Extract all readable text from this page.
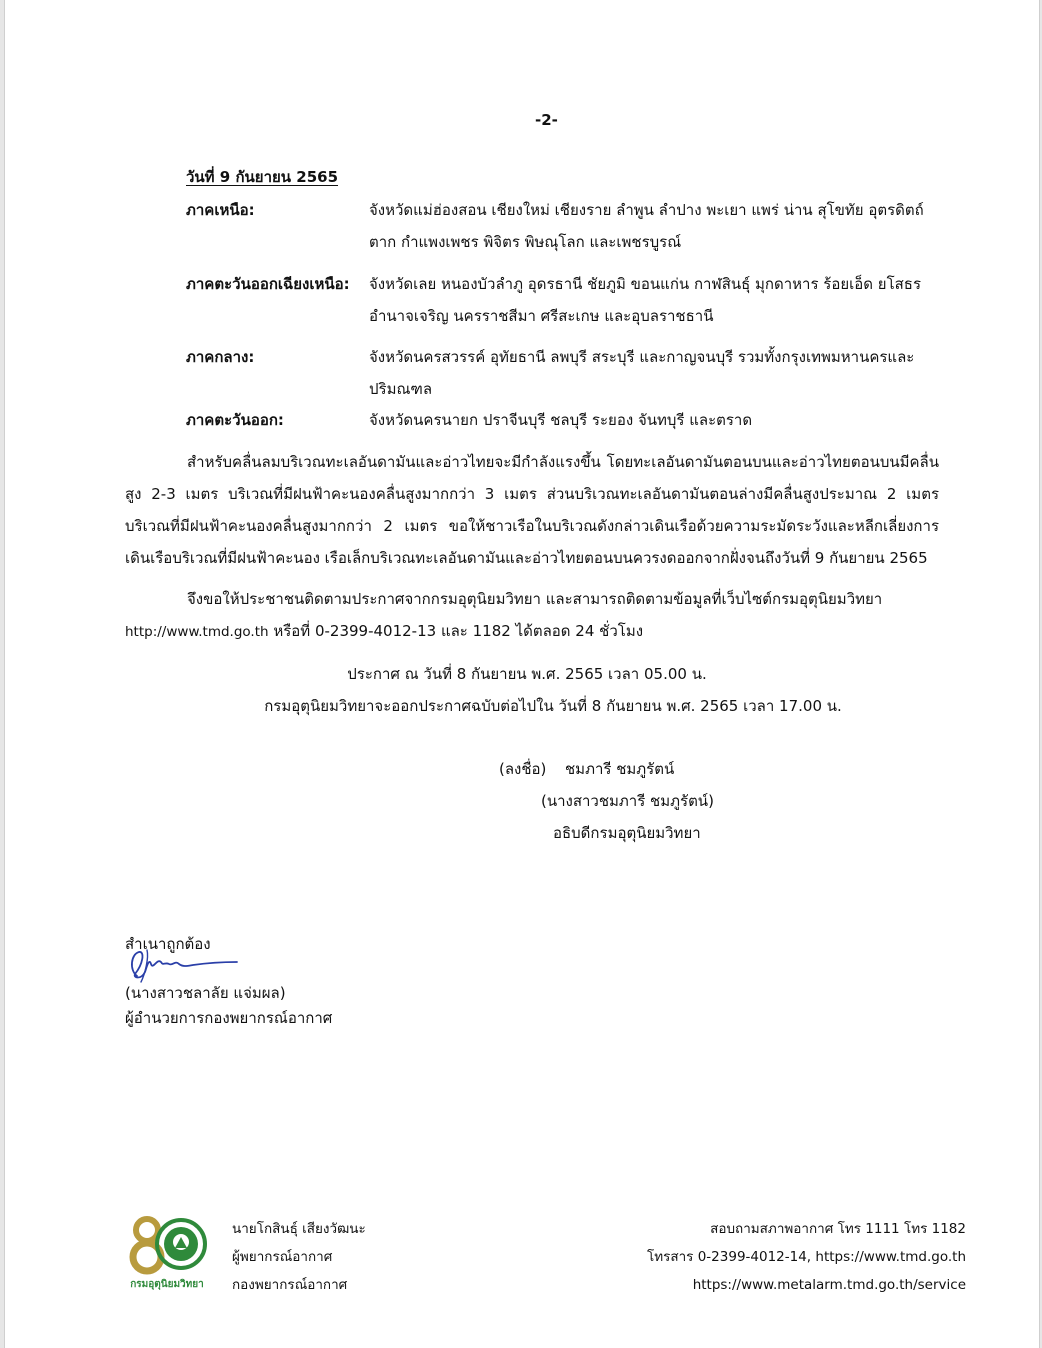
-2-
วันที่ 9 กันยายน 2565
ภาคเหนือ:	จังหวัดแม่ฮ่องสอน เชียงใหม่ เชียงราย ลำพูน ลำปาง พะเยา แพร่ น่าน สุโขทัย อุตรดิตถ์
ตาก กำแพงเพชร พิจิตร พิษณุโลก และเพชรบูรณ์
ภาคตะวันออกเฉียงเหนือ: จังหวัดเลย หนองบัวลำภู อุดรธานี ชัยภูมิ ขอนแก่น กาฬสินธุ์ มุกดาหาร ร้อยเอ็ด ยโสธร
อำนาจเจริญ นครราชสีมา ศรีสะเกษ และอุบลราชธานี
ภาคกลาง:	จังหวัดนครสวรรค์ อุทัยธานี ลพบุรี สระบุรี และกาญจนบุรี รวมทั้งกรุงเทพมหานครและ
ปริมณฑล
ภาคตะวันออก:	จังหวัดนครนายก ปราจีนบุรี ชลบุรี ระยอง จันทบุรี และตราด
สำหรับคลื่นลมบริเวณทะเลอันดามันและอ่าวไทยจะมีกำลังแรงขึ้น โดยทะเลอันดามันตอนบนและอ่าวไทยตอนบนมีคลื่นสูง 2-3 เมตร บริเวณที่มีฝนฟ้าคะนองคลื่นสูงมากกว่า 3 เมตร ส่วนบริเวณทะเลอันดามันตอนล่างมีคลื่นสูงประมาณ 2 เมตร บริเวณที่มีฝนฟ้าคะนองคลื่นสูงมากกว่า 2 เมตร ขอให้ชาวเรือในบริเวณดังกล่าวเดินเรือด้วยความระมัดระวังและหลีกเลี่ยงการเดินเรือบริเวณที่มีฝนฟ้าคะนอง เรือเล็กบริเวณทะเลอันดามันและอ่าวไทยตอนบนควรงดออกจากฝั่งจนถึงวันที่ 9 กันยายน 2565
จึงขอให้ประชาชนติดตามประกาศจากกรมอุตุนิยมวิทยา และสามารถติดตามข้อมูลที่เว็บไซต์กรมอุตุนิยมวิทยา
http://www.tmd.go.th หรือที่ 0-2399-4012-13 และ 1182 ได้ตลอด 24 ชั่วโมง
ประกาศ ณ วันที่ 8 กันยายน พ.ศ. 2565 เวลา 05.00 น.
กรมอุตุนิยมวิทยาจะออกประกาศฉบับต่อไปใน วันที่ 8 กันยายน พ.ศ. 2565 เวลา 17.00 น.
(ลงชื่อ) ชมภารี ชมภูรัตน์
(นางสาวชมภารี ชมภูรัตน์)
อธิบดีกรมอุตุนิยมวิทยา
สำเนาถูกต้อง
(นางสาวชลาลัย แจ่มผล)
ผู้อำนวยการกองพยากรณ์อากาศ
กรมอุตุนิยมวิทยา
นายโกสินธุ์ เสียงวัฒนะ
ผู้พยากรณ์อากาศ
กองพยากรณ์อากาศ
สอบถามสภาพอากาศ โทร 1111 โทร 1182
โทรสาร 0-2399-4012-14, https://www.tmd.go.th
https://www.metalarm.tmd.go.th/service
